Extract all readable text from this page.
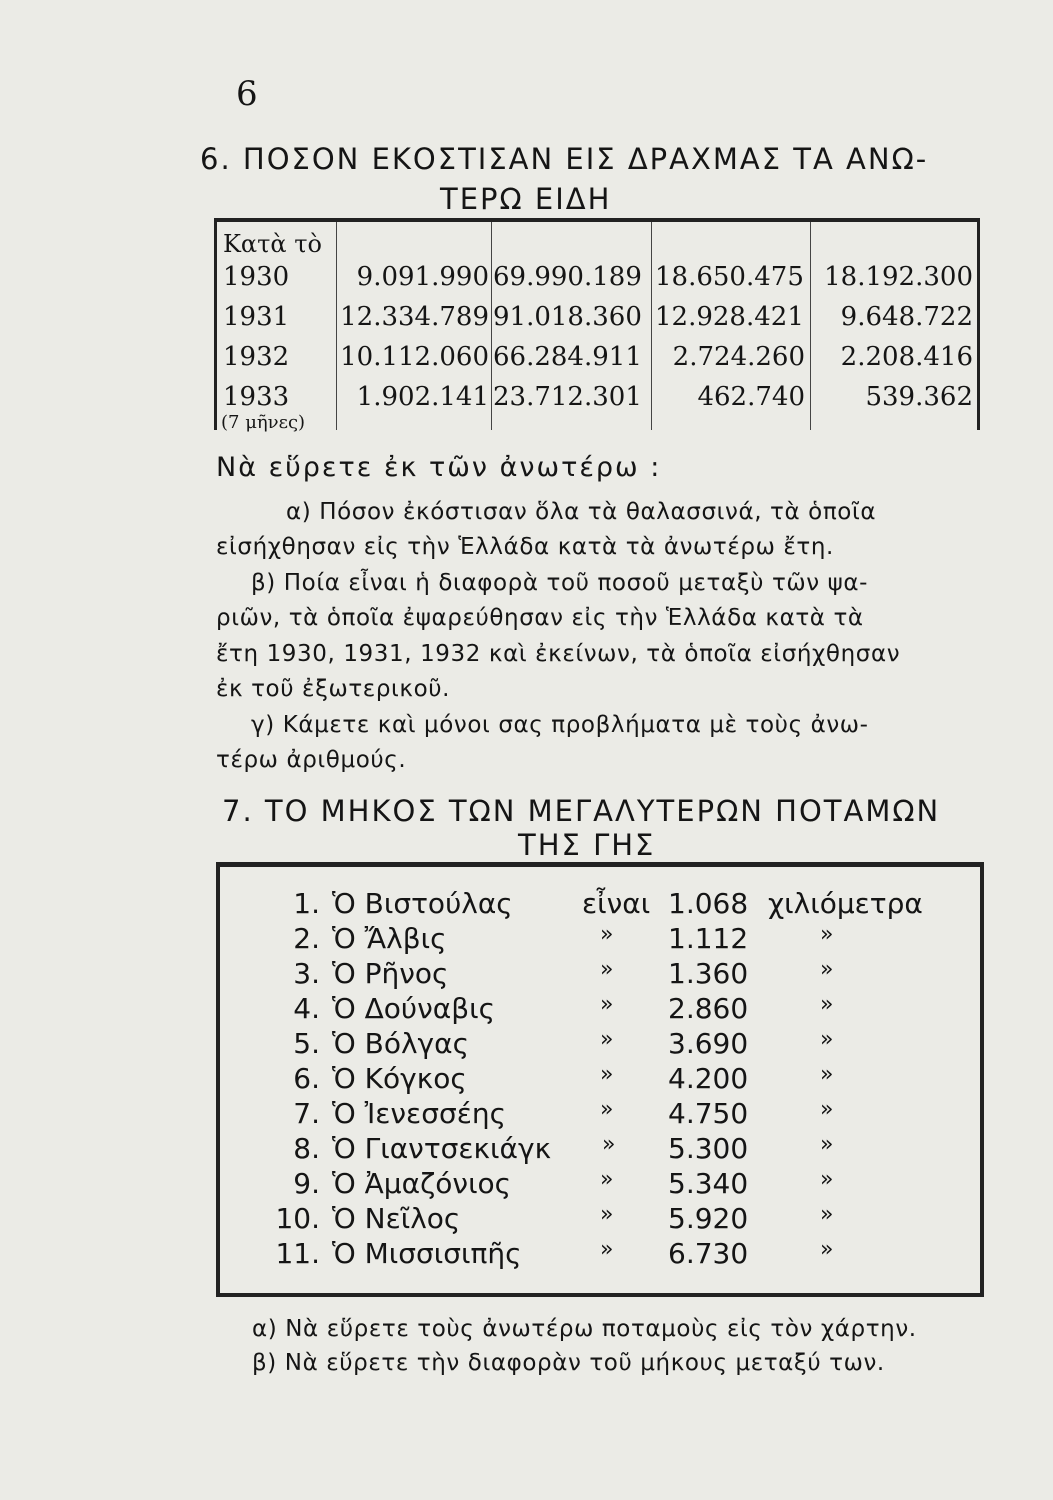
6
6. ΠΟΣΟΝ ΕΚΟΣΤΙΣΑΝ ΕΙΣ ΔΡΑΧΜΑΣ ΤΑ ΑΝΩ-
ΤΕΡΩ ΕΙΔΗ
Κατὰ τὸ
1930	9.091.990 69.990.189 18.650.475 18.192.300
1931 12.334.789 91.018.360 12.928.421 9.648.722
1932 10.112.060 66.284.911 2.724.260 2.208.416
1933	1.902.141 23.712.301 462.740 539.362
(7 μῆνες)
Νὰ εὕρετε ἐκ τῶν ἀνωτέρω :
α) Πόσον ἐκόστισαν ὅλα τὰ θαλασσινά, τὰ ὁποῖα
εἰσήχθησαν εἰς τὴν Ἑλλάδα κατὰ τὰ ἀνωτέρω ἔτη.
β) Ποία εἶναι ἡ διαφορὰ τοῦ ποσοῦ μεταξὺ τῶν ψα-
ριῶν, τὰ ὁποῖα ἐψαρεύθησαν εἰς τὴν Ἑλλάδα κατὰ τὰ
ἔτη 1930, 1931, 1932 καὶ ἐκείνων, τὰ ὁποῖα εἰσήχθησαν
ἐκ τοῦ ἐξωτερικοῦ.
γ) Κάμετε καὶ μόνοι σας προβλήματα μὲ τοὺς ἀνω-
τέρω ἀριθμούς.
7. ΤΟ ΜΗΚΟΣ ΤΩΝ ΜΕΓΑΛΥΤΕΡΩΝ ΠΟΤΑΜΩΝ
ΤΗΣ ΓΗΣ
1. Ὁ Βιστούλας εἶναι 1.068 χιλιόμετρα
2. Ὁ Ἄλβις	» 1.112	»
3. Ὁ Ρῆνος	» 1.360	»
4. Ὁ Δούναβις	» 2.860	»
5. Ὁ Βόλγας	» 3.690	»
6. Ὁ Κόγκος	» 4.200	»
7. Ὁ Ἰενεσσέης	» 4.750	»
8. Ὁ Γιαντσεκιάγκ » 5.300	»
9. Ὁ Ἀμαζόνιος	» 5.340	»
10. Ὁ Νεῖλος	» 5.920	»
11. Ὁ Μισσισιπῆς	» 6.730	»
α) Νὰ εὕρετε τοὺς ἀνωτέρω ποταμοὺς εἰς τὸν χάρτην.
β) Νὰ εὕρετε τὴν διαφορὰν τοῦ μήκους μεταξύ των.
